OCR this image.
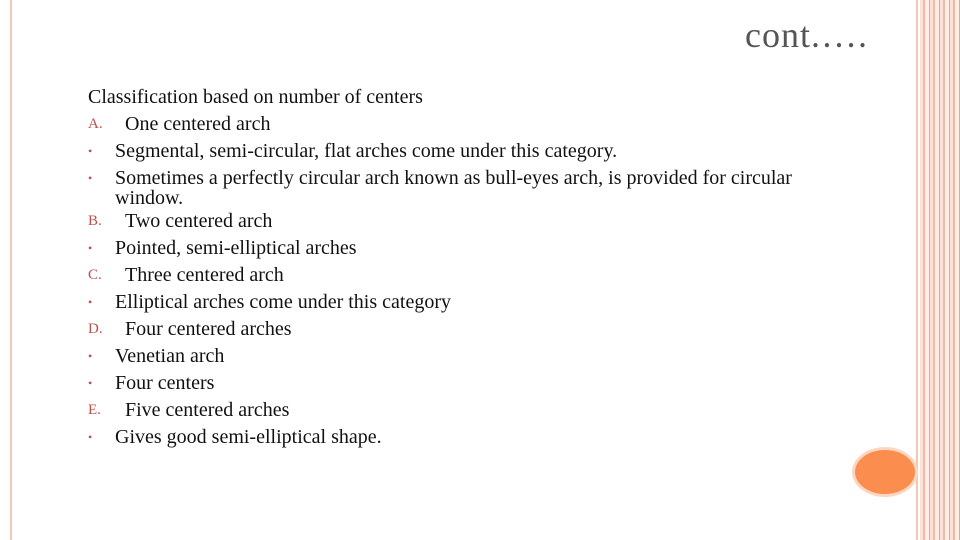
cont.….
Classification based on number of centers
A.	One centered arch
•	Segmental, semi-circular, flat arches come under this category.
•	Sometimes a perfectly circular arch known as bull-eyes arch, is provided for circular window.
B.	Two centered arch
•	Pointed, semi-elliptical arches
C.	Three centered arch
•	Elliptical arches come under this category
D.	Four centered arches
•	Venetian arch
•	Four centers
E.	Five centered arches
•	Gives good semi-elliptical shape.
